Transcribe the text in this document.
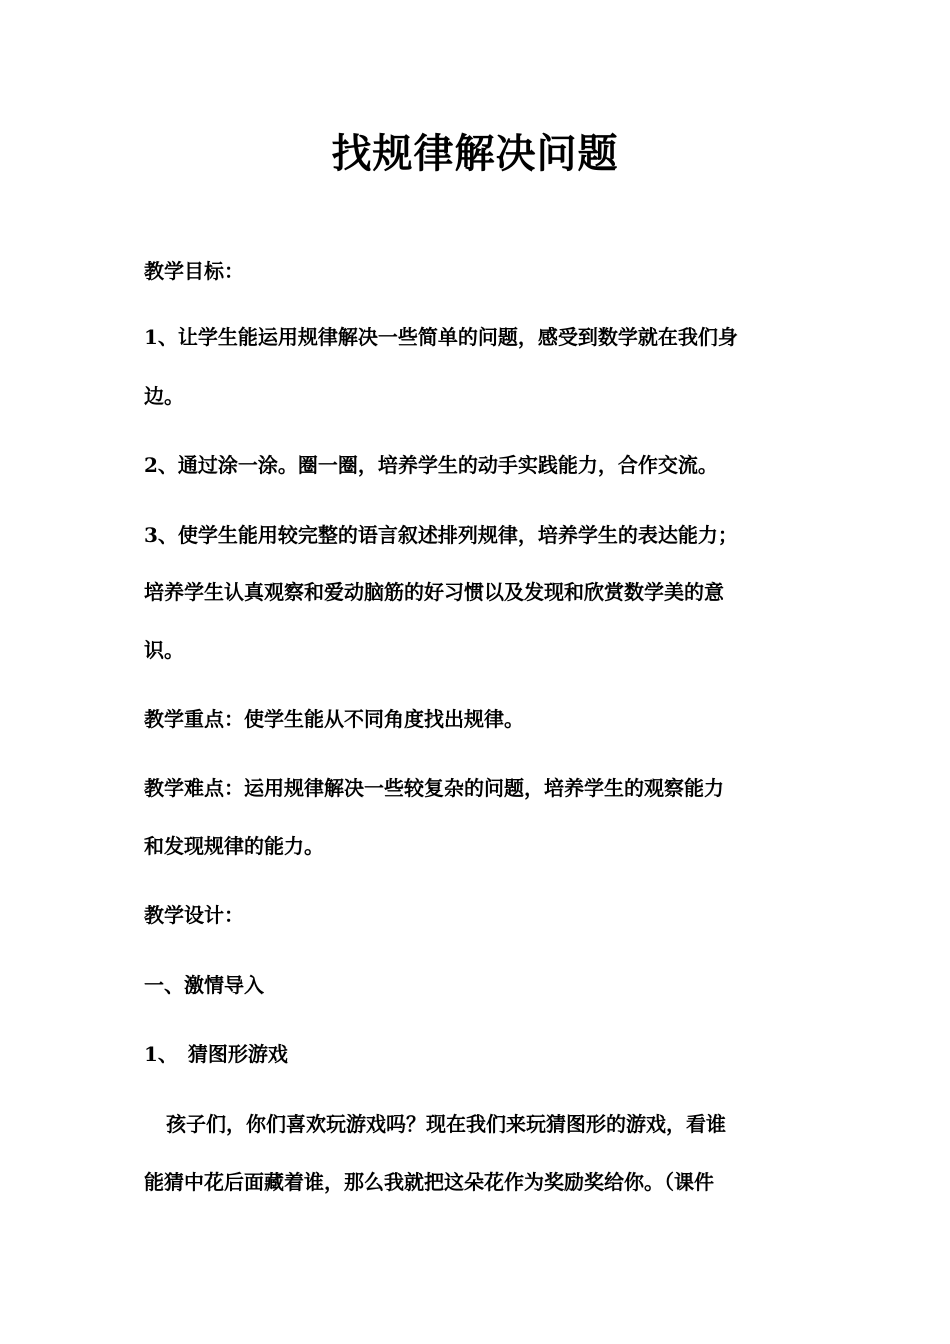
找规律解决问题
教学目标：
1、让学生能运用规律解决一些简单的问题，感受到数学就在我们身
边。
2、通过涂一涂。圈一圈，培养学生的动手实践能力，合作交流。
3、使学生能用较完整的语言叙述排列规律，培养学生的表达能力；
培养学生认真观察和爱动脑筋的好习惯以及发现和欣赏数学美的意
识。
教学重点：使学生能从不同角度找出规律。
教学难点：运用规律解决一些较复杂的问题，培养学生的观察能力
和发现规律的能力。
教学设计：
一、激情导入
1、　猜图形游戏
孩子们，你们喜欢玩游戏吗？现在我们来玩猜图形的游戏，看谁
能猜中花后面藏着谁，那么我就把这朵花作为奖励奖给你。（课件
